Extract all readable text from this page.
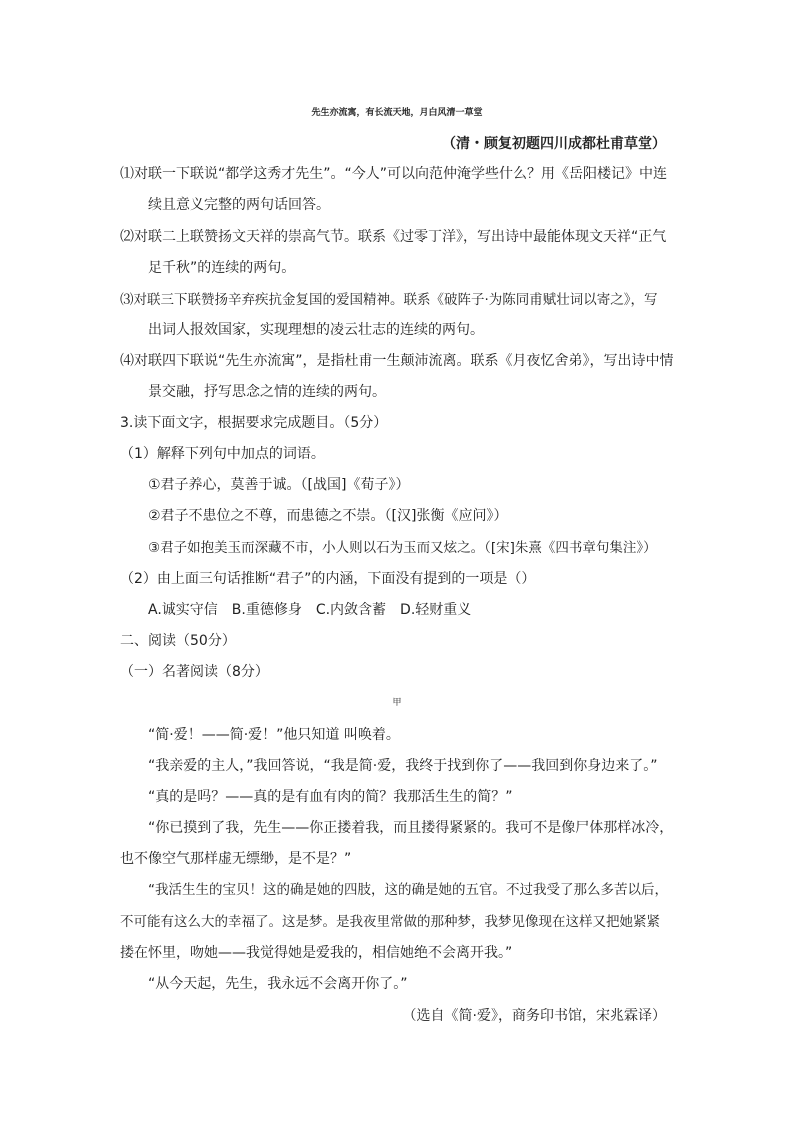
先生亦流寓，有长流天地，月白风清一草堂
（清・顾复初题四川成都杜甫草堂）
⑴对联一下联说“都学这秀才先生”。“今人”可以向范仲淹学些什么？用《岳阳楼记》中连
续且意义完整的两句话回答。
⑵对联二上联赞扬文天祥的崇高气节。联系《过零丁洋》，写出诗中最能体现文天祥“正气
足千秋”的连续的两句。
⑶对联三下联赞扬辛弃疾抗金复国的爱国精神。联系《破阵子·为陈同甫赋壮词以寄之》，写
出词人报效国家，实现理想的凌云壮志的连续的两句。
⑷对联四下联说“先生亦流寓”，是指杜甫一生颠沛流离。联系《月夜忆舍弟》，写出诗中情
景交融，抒写思念之情的连续的两句。
3.读下面文字，根据要求完成题目。（5分）
（1）解释下列句中加点的词语。
①君子养心，莫善于诚。（[战国]《荀子》）
②君子不患位之不尊，而患德之不崇。（[汉]张衡《应问》）
③君子如抱美玉而深藏不市，小人则以石为玉而又炫之。（[宋]朱熹《四书章句集注》）
（2）由上面三句话推断“君子”的内涵，下面没有提到的一项是（）
A.诚实守信　B.重德修身　C.内敛含蓄　D.轻财重义
二、阅读（50分）
（一）名著阅读（8分）
甲
“简·爱！——简·爱！”他只知道 叫唤着。
“我亲爱的主人，”我回答说，“我是简·爱，我终于找到你了——我回到你身边来了。”
“真的是吗？——真的是有血有肉的简？我那活生生的简？”
“你已摸到了我，先生——你正搂着我，而且搂得紧紧的。我可不是像尸体那样冰冷，
也不像空气那样虚无缥缈，是不是？”
“我活生生的宝贝！这的确是她的四肢，这的确是她的五官。不过我受了那么多苦以后，
不可能有这么大的幸福了。这是梦。是我夜里常做的那种梦，我梦见像现在这样又把她紧紧
搂在怀里，吻她——我觉得她是爱我的，相信她绝不会离开我。”
“从今天起，先生，我永远不会离开你了。”
（选自《简·爱》，商务印书馆，宋兆霖译）
